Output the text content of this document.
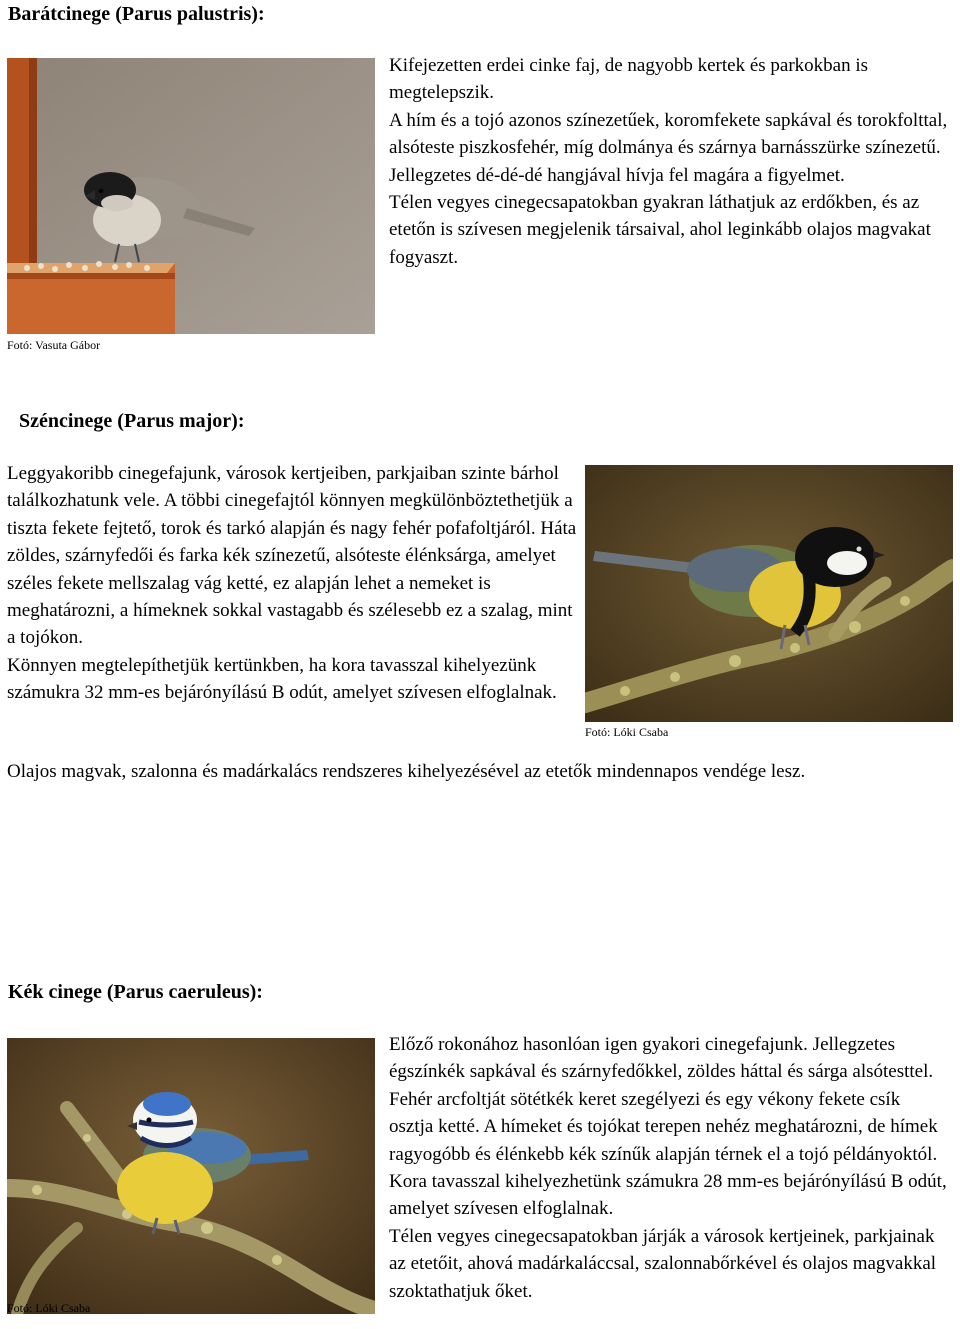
Barátcinege (Parus palustris):

Kifejezetten erdei cinke faj, de nagyobb kertek és parkokban is megtelepszik.

A hím és a tojó azonos színezetűek, koromfekete sapkával és torokfolttal, alsóteste piszkosfehér, míg dolmánya és szárnya barnásszürke színezetű. Jellegzetes dé-dé-dé hangjával hívja fel magára a figyelmet.

Télen vegyes cinegecsapatokban gyakran láthatjuk az erdőkben, és az etetőn is szívesen megjelenik társaival, ahol leginkább olajos magvakat fogyaszt.

Fotó: Vasuta Gábor
Széncinege (Parus major):

Leggyakoribb cinegefajunk, városok kertjeiben, parkjaiban szinte bárhol találkozhatunk vele. A többi cinegefajtól könnyen megkülönböztethetjük a tiszta fekete fejtető, torok és tarkó alapján és nagy fehér pofafoltjáról. Háta zöldes, szárnyfedői és farka kék színezetű, alsóteste élénksárga, amelyet széles fekete mellszalag vág ketté, ez alapján lehet a nemeket is meghatározni, a hímeknek sokkal vastagabb és szélesebb ez a szalag, mint a tojókon.

Könnyen megtelepíthetjük kertünkben, ha kora tavasszal kihelyezünk számukra 32 mm-es bejárónyílású B odút, amelyet szívesen elfoglalnak.

Fotó: Lóki Csaba
Olajos magvak, szalonna és madárkalács rendszeres kihelyezésével az etetők mindennapos vendége lesz.
Kék cinege (Parus caeruleus):
Fotó: Lóki Csaba

Előző rokonához hasonlóan igen gyakori cinegefajunk. Jellegzetes égszínkék sapkával és szárnyfedőkkel, zöldes háttal és sárga alsótesttel. Fehér arcfoltját sötétkék keret szegélyezi és egy vékony fekete csík osztja ketté. A hímeket és tojókat terepen nehéz meghatározni, de hímek ragyogóbb és élénkebb kék színűk alapján térnek el a tojó példányoktól. Kora tavasszal kihelyezhetünk számukra 28 mm-es bejárónyílású B odút, amelyet szívesen elfoglalnak.

Télen vegyes cinegecsapatokban járják a városok kertjeinek, parkjainak az etetőit, ahová madárkaláccsal, szalonnabőrkével és olajos magvakkal szoktathatjuk őket.
